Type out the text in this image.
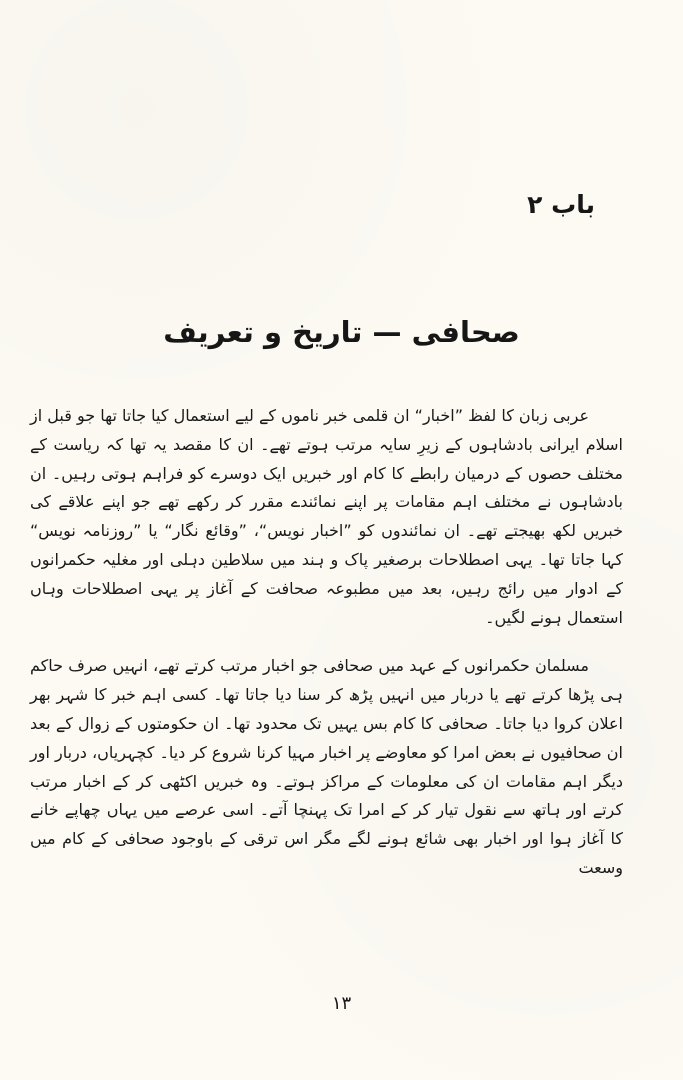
باب ۲
صحافی — تاریخ و تعریف

عربی زبان کا لفظ ”اخبار“ ان قلمی خبر ناموں کے لیے استعمال کیا جاتا تھا جو قبل از اسلام ایرانی بادشاہوں کے زیرِ سایہ مرتب ہوتے تھے۔ ان کا مقصد یہ تھا کہ ریاست کے مختلف حصوں کے درمیان رابطے کا کام اور خبریں ایک دوسرے کو فراہم ہوتی رہیں۔ ان بادشاہوں نے مختلف اہم مقامات پر اپنے نمائندے مقرر کر رکھے تھے جو اپنے علاقے کی خبریں لکھ بھیجتے تھے۔ ان نمائندوں کو ”اخبار نویس“، ”وقائع نگار“ یا ”روزنامہ نویس“ کہا جاتا تھا۔ یہی اصطلاحات برصغیر پاک و ہند میں سلاطین دہلی اور مغلیہ حکمرانوں کے ادوار میں رائج رہیں، بعد میں مطبوعہ صحافت کے آغاز پر یہی اصطلاحات وہاں استعمال ہونے لگیں۔

مسلمان حکمرانوں کے عہد میں صحافی جو اخبار مرتب کرتے تھے، انہیں صرف حاکم ہی پڑھا کرتے تھے یا دربار میں انہیں پڑھ کر سنا دیا جاتا تھا۔ کسی اہم خبر کا شہر بھر اعلان کروا دیا جاتا۔ صحافی کا کام بس یہیں تک محدود تھا۔ ان حکومتوں کے زوال کے بعد ان صحافیوں نے بعض امرا کو معاوضے پر اخبار مہیا کرنا شروع کر دیا۔ کچہریاں، دربار اور دیگر اہم مقامات ان کی معلومات کے مراکز ہوتے۔ وہ خبریں اکٹھی کر کے اخبار مرتب کرتے اور ہاتھ سے نقول تیار کر کے امرا تک پہنچا آتے۔ اسی عرصے میں یہاں چھاپے خانے کا آغاز ہوا اور اخبار بھی شائع ہونے لگے مگر اس ترقی کے باوجود صحافی کے کام میں وسعت

۱۳
